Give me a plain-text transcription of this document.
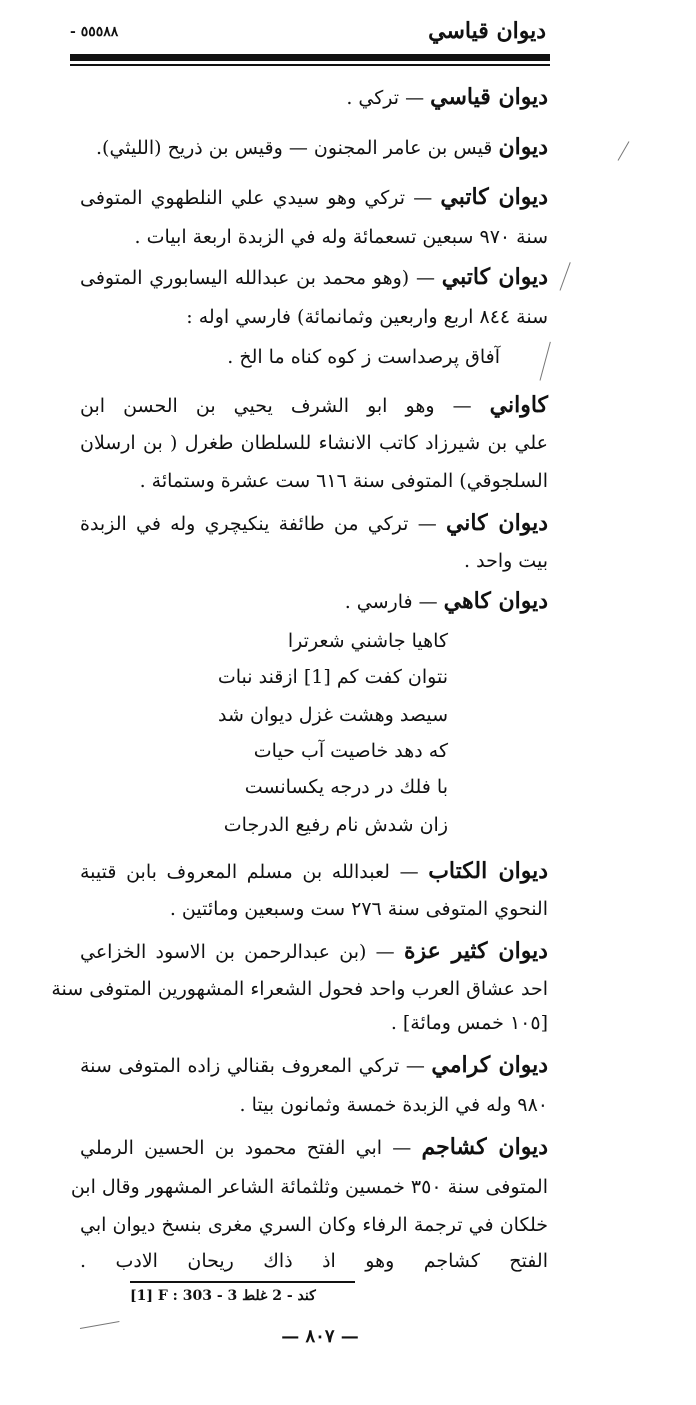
- ٥٥٥٨٨	ديوان قياسي
ديوان قياسي — تركي .
ديوان قيس بن عامر المجنون — وقيس بن ذريح (الليثي).
ديوان كاتبي — تركي وهو سيدي علي النلطهوي المتوفى
سنة ٩٧٠ سبعين تسعمائة وله في الزبدة اربعة ابيات .
ديوان كاتبي — (وهو محمد بن عبدالله اليسابوري المتوفى
سنة ٨٤٤ اربع واربعين وثمانمائة) فارسي اوله :
آفاق پرصداست ز كوه كناه ما الخ .
كاواني — وهو ابو الشرف يحيي بن الحسن ابن
علي بن شيرزاد كاتب الانشاء للسلطان طغرل ( بن ارسلان
السلجوقي) المتوفى سنة ٦١٦ ست عشرة وستمائة .
ديوان كاني — تركي من طائفة ينكيچري وله في الزبدة
بيت واحد .
ديوان كاهي — فارسي .
كاهيا جاشني شعرترا
نتوان كفت كم [1] ازقند نبات
سيصد وهشت غزل ديوان شد
كه دهد خاصيت آب حيات
با فلك در درجه يكسانست
زان شدش نام رفيع الدرجات
ديوان الكتاب — لعبدالله بن مسلم المعروف بابن قتيبة
النحوي المتوفى سنة ٢٧٦ ست وسبعين ومائتين .
ديوان كثير عزة — (بن عبدالرحمن بن الاسود الخزاعي
احد عشاق العرب واحد فحول الشعراء المشهورين المتوفى سنة
[١٠٥ خمس ومائة] .
ديوان كرامي — تركي المعروف بقنالي زاده المتوفى سنة
٩٨٠ وله في الزبدة خمسة وثمانون بيتا .
ديوان كشاجم — ابي الفتح محمود بن الحسين الرملي
المتوفى سنة ٣٥٠ خمسين وثلثمائة الشاعر المشهور وقال ابن
خلكان في ترجمة الرفاء وكان السري مغرى بنسخ ديوان ابي
الفتح كشاجم وهو اذ ذاك ريحان الادب .
[1] F : 303 - 3 كند - 2 غلط
— ٨٠٧ —
